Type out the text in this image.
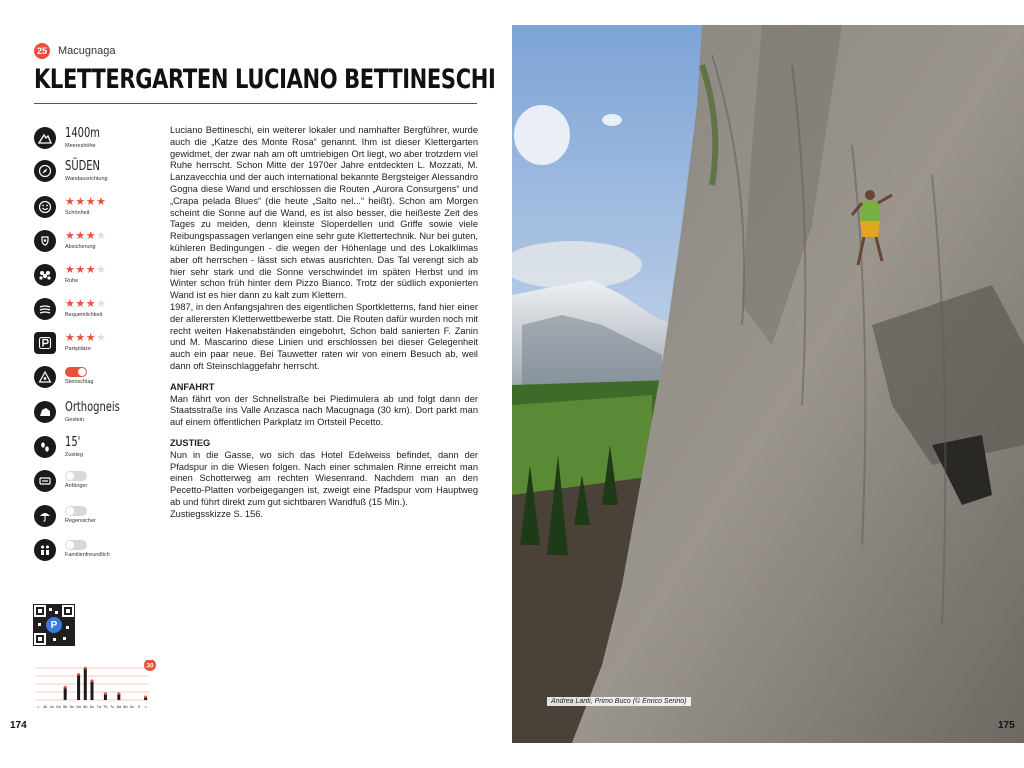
25 Macugnaga
KLETTERGARTEN LUCIANO BETTINESCHI
1400m
Meereshöhe
SÜDEN
Wandausrichtung
★★★★
Schönheit
★★★★
Absicherung
★★★★
Ruhe
★★★★
Bequemlichkeit
★★★★
Parkplätze
Steinschlag
Orthogneis
Gestein
15'
Zustieg
Anfänger
Regensicher
Familienfreundlich

Luciano Bettineschi, ein weiterer lokaler und namhafter Bergführer, wurde auch die „Katze des Monte Rosa“ genannt. Ihm ist dieser Klettergarten gewidmet, der zwar nah am oft umtriebigen Ort liegt, wo aber trotzdem viel Ruhe herrscht. Schon Mitte der 1970er Jahre entdeckten L. Mozzati, M. Lanzavecchia und der auch international bekannte Bergsteiger Alessandro Gogna diese Wand und erschlossen die Routen „Aurora Consurgens“ und „Crapa pelada Blues“ (die heute „Salto nel...“ heißt). Schon am Morgen scheint die Sonne auf die Wand, es ist also besser, die heißeste Zeit des Tages zu meiden, denn kleinste Sloperdellen und Griffe sowie viele Reibungspassagen verlangen eine sehr gute Klettertechnik. Nur bei guten, kühleren Bedingungen - die wegen der Höhenlage und des Lokalklimas aber oft herrschen - lässt sich etwas ausrichten. Das Tal verengt sich ab hier sehr stark und die Sonne verschwindet im späten Herbst und im Winter schon früh hinter dem Pizzo Bianco. Trotz der südlich exponierten Wand ist es hier dann zu kalt zum Klettern.

1987, in den Anfangsjahren des eigentlichen Sportkletterns, fand hier einer der allerersten Kletterwettbewerbe statt. Die Routen dafür wurden noch mit recht weiten Hakenabständen eingebohrt, Schon bald sanierten F. Zanin und M. Mascarino diese Linien und erschlossen bei dieser Gelegenheit auch ein paar neue. Bei Tauwetter raten wir von einem Besuch ab, weil dann oft Steinschlaggefahr herrscht.

ANFAHRT

Man fährt von der Schnellstraße bei Piedimulera ab und folgt dann der Staatsstraße ins Valle Anzasca nach Macugnaga (30 km). Dort parkt man auf einem öffentlichen Parkplatz im Ortsteil Pecetto.

ZUSTIEG

Nun in die Gasse, wo sich das Hotel Edelweiss befindet, dann der Pfadspur in die Wiesen folgen. Nach einer schmalen Rinne erreicht man einen Schotterweg am rechten Wiesenrand. Nachdem man an den Pecetto-Platten vorbeigegangen ist, zweigt eine Pfadspur vom Hauptweg ab und führt direkt zum gut sichtbaren Wandfuß (15 Min.).

Zustiegsskizze S. 156.

P
< 4b 4c 5a 5b 5c 6a 6b 6c 7a 7b 7c 8a 8b 8c 9 >
30
174
Andrea Lanti, Primo Buco (© Enrico Serino)
175
